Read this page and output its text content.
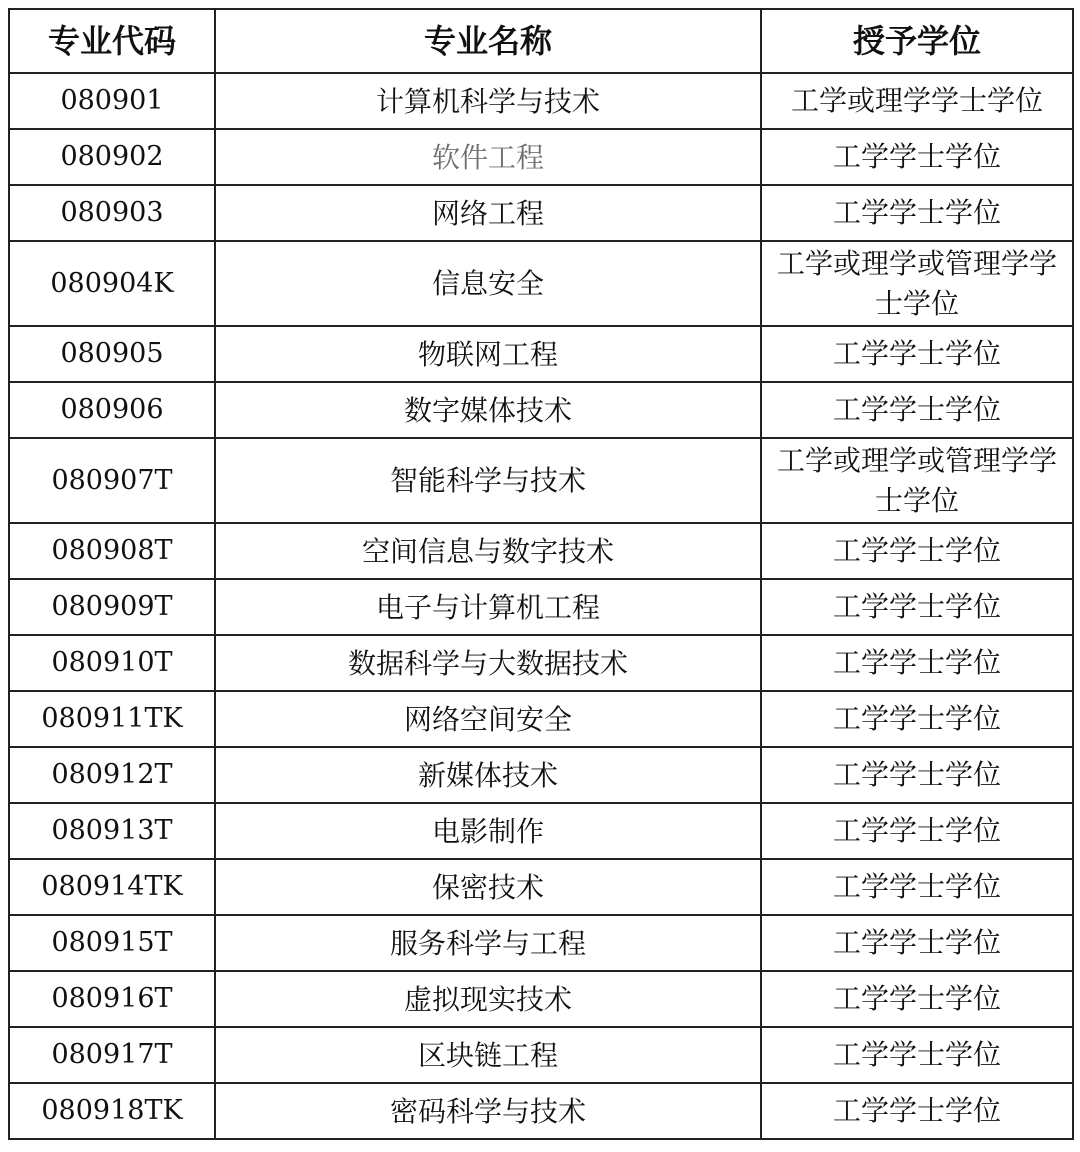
专业代码	专业名称	授予学位
080901	计算机科学与技术	工学或理学学士学位
080902	软件工程	工学学士学位
080903	网络工程	工学学士学位
080904K	信息安全	工学或理学或管理学学士学位
080905	物联网工程	工学学士学位
080906	数字媒体技术	工学学士学位
080907T	智能科学与技术	工学或理学或管理学学士学位
080908T	空间信息与数字技术	工学学士学位
080909T	电子与计算机工程	工学学士学位
080910T	数据科学与大数据技术	工学学士学位
080911TK	网络空间安全	工学学士学位
080912T	新媒体技术	工学学士学位
080913T	电影制作	工学学士学位
080914TK	保密技术	工学学士学位
080915T	服务科学与工程	工学学士学位
080916T	虚拟现实技术	工学学士学位
080917T	区块链工程	工学学士学位
080918TK	密码科学与技术	工学学士学位
